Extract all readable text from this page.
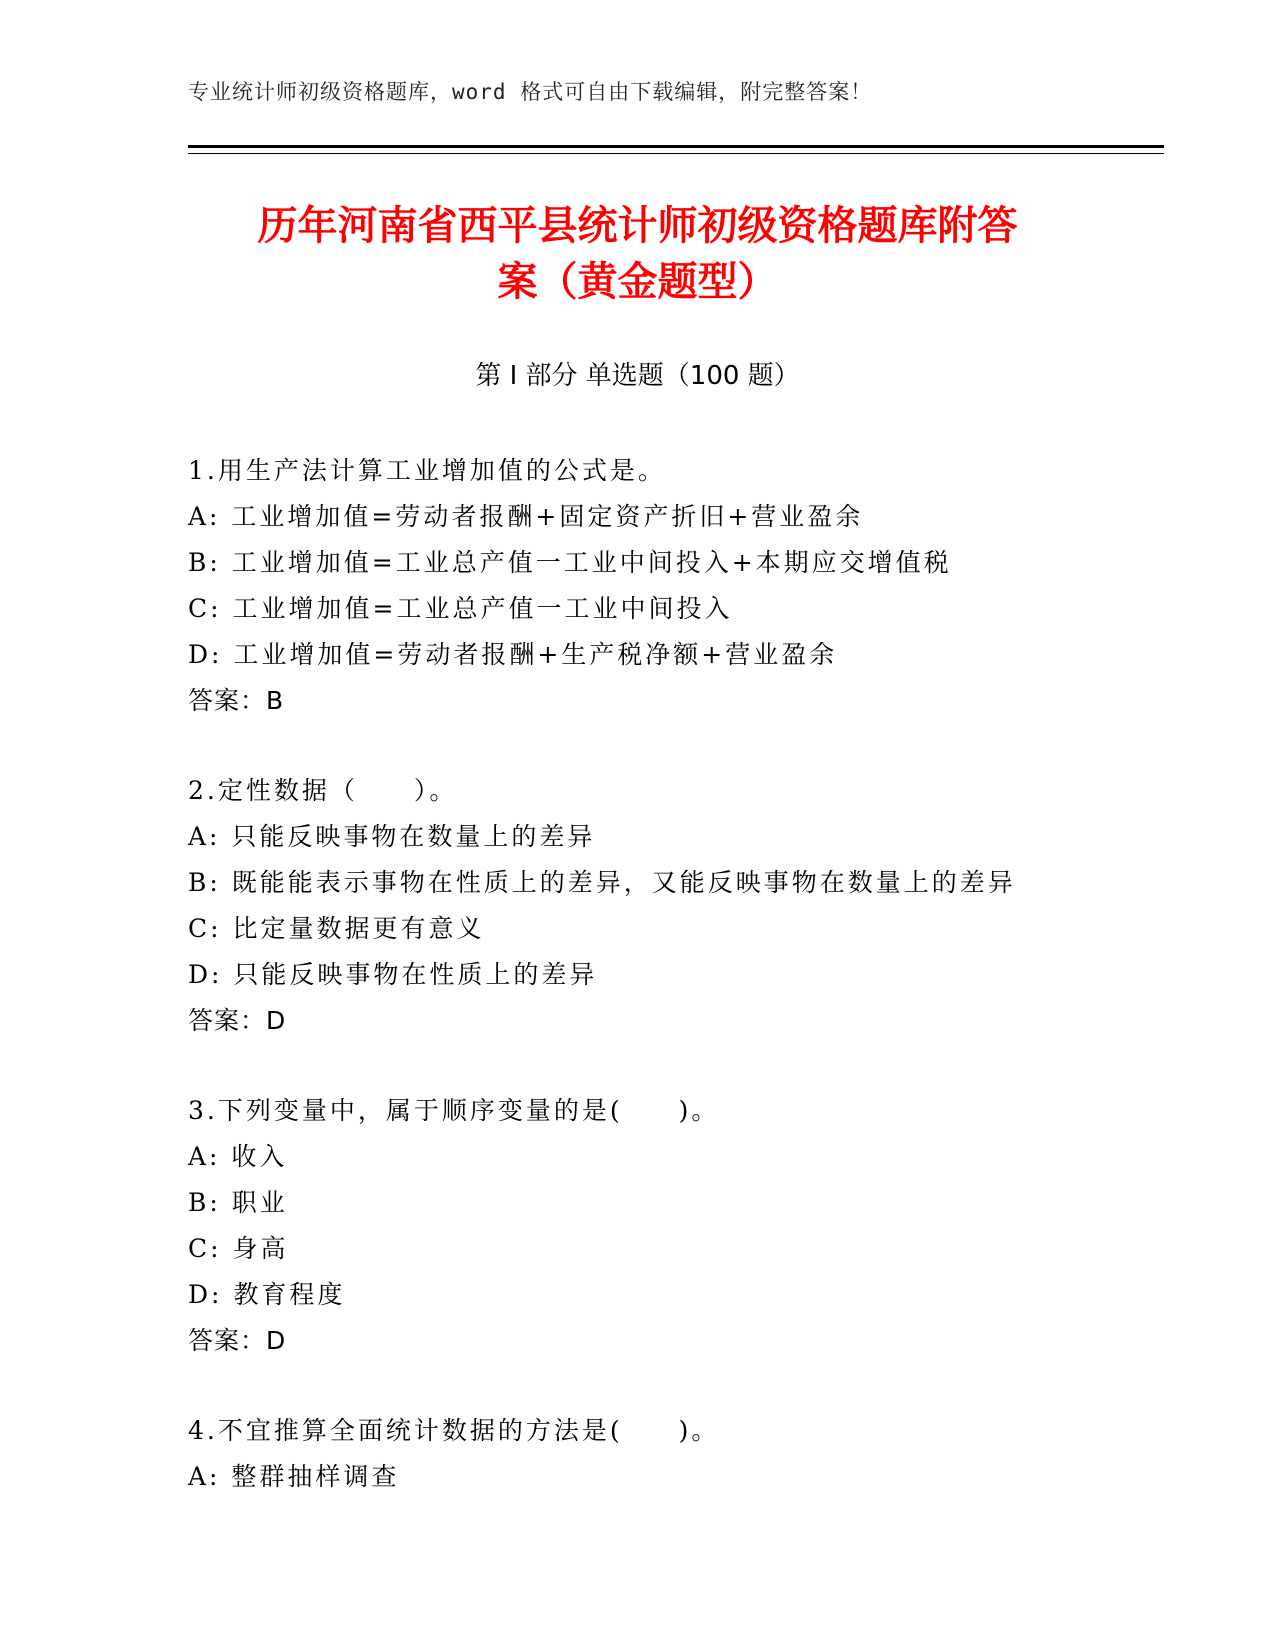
专业统计师初级资格题库，word 格式可自由下载编辑，附完整答案！
历年河南省西平县统计师初级资格题库附答
案（黄金题型）
第 I 部分 单选题（100 题）
1.用生产法计算工业增加值的公式是。
A: 工业增加值=劳动者报酬+固定资产折旧+营业盈余
B: 工业增加值=工业总产值一工业中间投入+本期应交增值税
C: 工业增加值=工业总产值一工业中间投入
D: 工业增加值=劳动者报酬+生产税净额+营业盈余
答案：B
2.定性数据（　　）。
A: 只能反映事物在数量上的差异
B: 既能能表示事物在性质上的差异，又能反映事物在数量上的差异
C: 比定量数据更有意义
D: 只能反映事物在性质上的差异
答案：D
3.下列变量中，属于顺序变量的是(　　)。
A: 收入
B: 职业
C: 身高
D: 教育程度
答案：D
4.不宜推算全面统计数据的方法是(　　)。
A: 整群抽样调查
